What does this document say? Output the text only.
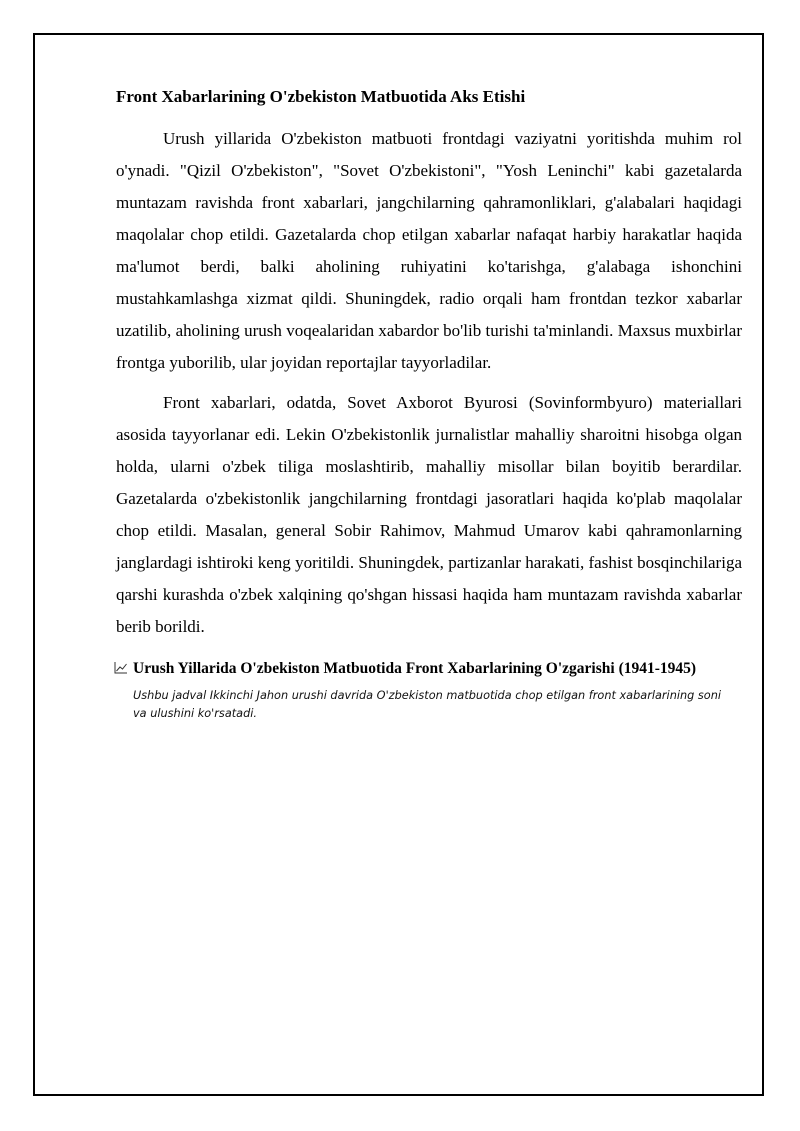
Front Xabarlarining O'zbekiston Matbuotida Aks Etishi

Urush yillarida O'zbekiston matbuoti frontdagi vaziyatni yoritishda muhim rol o'ynadi. "Qizil O'zbekiston", "Sovet O'zbekistoni", "Yosh Leninchi" kabi gazetalarda muntazam ravishda front xabarlari, jangchilarning qahramonliklari, g'alabalari haqidagi maqolalar chop etildi. Gazetalarda chop etilgan xabarlar nafaqat harbiy harakatlar haqida ma'lumot berdi, balki aholining ruhiyatini ko'tarishga, g'alabaga ishonchini mustahkamlashga xizmat qildi. Shuningdek, radio orqali ham frontdan tezkor xabarlar uzatilib, aholining urush voqealaridan xabardor bo'lib turishi ta'minlandi. Maxsus muxbirlar frontga yuborilib, ular joyidan reportajlar tayyorladilar.

Front xabarlari, odatda, Sovet Axborot Byurosi (Sovinformbyuro) materiallari asosida tayyorlanar edi. Lekin O'zbekistonlik jurnalistlar mahalliy sharoitni hisobga olgan holda, ularni o'zbek tiliga moslashtirib, mahalliy misollar bilan boyitib berardilar. Gazetalarda o'zbekistonlik jangchilarning frontdagi jasoratlari haqida ko'plab maqolalar chop etildi. Masalan, general Sobir Rahimov, Mahmud Umarov kabi qahramonlarning janglardagi ishtiroki keng yoritildi. Shuningdek, partizanlar harakati, fashist bosqinchilariga qarshi kurashda o'zbek xalqining qo'shgan hissasi haqida ham muntazam ravishda xabarlar berib borildi.

Urush Yillarida O'zbekiston Matbuotida Front Xabarlarining O'zgarishi (1941-1945)
Ushbu jadval Ikkinchi Jahon urushi davrida O'zbekiston matbuotida chop etilgan front xabarlarining soni va ulushini ko'rsatadi.
